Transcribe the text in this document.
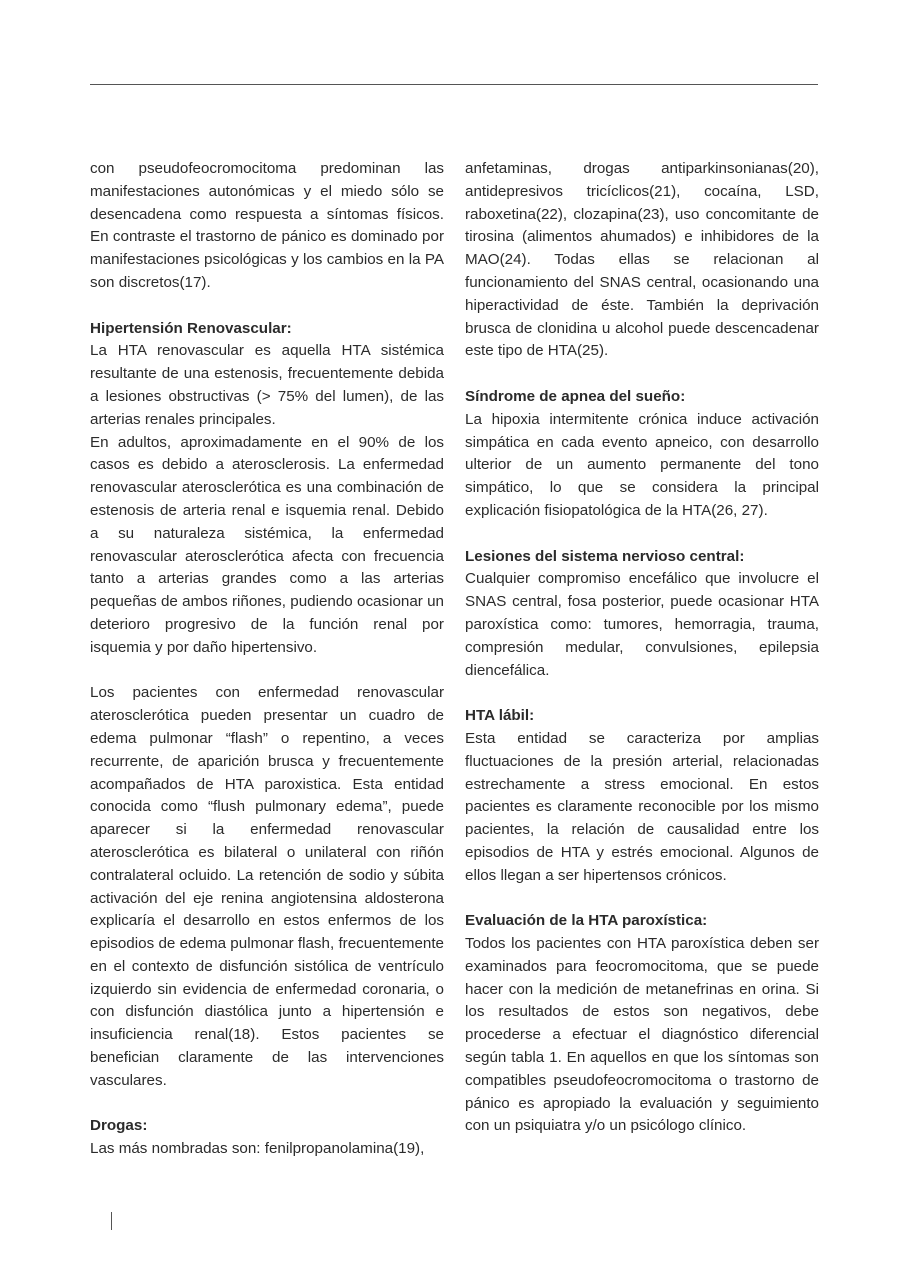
con pseudofeocromocitoma predominan las manifestaciones autonómicas y el miedo sólo se desencadena como respuesta a síntomas físicos. En contraste el trastorno de pánico es dominado por manifestaciones psicológicas y los cambios en la PA son discretos(17).

Hipertensión Renovascular:

La HTA renovascular es aquella HTA sistémica resultante de una estenosis, frecuentemente debida a lesiones obstructivas (> 75% del lumen), de las arterias renales principales.

En adultos, aproximadamente en el 90% de los casos es debido a aterosclerosis. La enfermedad renovascular aterosclerótica es una combinación de estenosis de arteria renal e isquemia renal. Debido a su naturaleza sistémica, la enfermedad renovascular aterosclerótica afecta con frecuencia tanto a arterias grandes como a las arterias pequeñas de ambos riñones, pudiendo ocasionar un deterioro progresivo de la función renal por isquemia y por daño hipertensivo.

Los pacientes con enfermedad renovascular aterosclerótica pueden presentar un cuadro de edema pulmonar “flash” o repentino, a veces recurrente, de aparición brusca y frecuentemente acompañados de HTA paroxistica. Esta entidad conocida como “flush pulmonary edema”, puede aparecer si la enfermedad renovascular aterosclerótica es bilateral o unilateral con riñón contralateral ocluido. La retención de sodio y súbita activación del eje renina angiotensina aldosterona explicaría el desarrollo en estos enfermos de los episodios de edema pulmonar flash, frecuentemente en el contexto de disfunción sistólica de ventrículo izquierdo sin evidencia de enfermedad coronaria, o con disfunción diastólica junto a hipertensión e insuficiencia renal(18). Estos pacientes se benefician claramente de las intervenciones vasculares.

Drogas:

Las más nombradas son: fenilpropanolamina(19),

anfetaminas, drogas antiparkinsonianas(20), antidepresivos tricíclicos(21), cocaína, LSD, raboxetina(22), clozapina(23), uso concomitante de tirosina (alimentos ahumados) e inhibidores de la MAO(24). Todas ellas se relacionan al funcionamiento del SNAS central, ocasionando una hiperactividad de éste. También la deprivación brusca de clonidina u alcohol puede descencadenar este tipo de HTA(25).

Síndrome de apnea del sueño:

La hipoxia intermitente crónica induce activación simpática en cada evento apneico, con desarrollo ulterior de un aumento permanente del tono simpático, lo que se considera la principal explicación fisiopatológica de la HTA(26, 27).

Lesiones del sistema nervioso central:

Cualquier compromiso encefálico que involucre el SNAS central, fosa posterior, puede ocasionar HTA paroxística como: tumores, hemorragia, trauma, compresión medular, convulsiones, epilepsia diencefálica.

HTA lábil:

Esta entidad se caracteriza por amplias fluctuaciones de la presión arterial, relacionadas estrechamente a stress emocional. En estos pacientes es claramente reconocible por los mismo pacientes, la relación de causalidad entre los episodios de HTA y estrés emocional. Algunos de ellos llegan a ser hipertensos crónicos.

Evaluación de la HTA paroxística:

Todos los pacientes con HTA paroxística deben ser examinados para feocromocitoma, que se puede hacer con la medición de metanefrinas en orina. Si los resultados de estos son negativos, debe procederse a efectuar el diagnóstico diferencial según tabla 1. En aquellos en que los síntomas son compatibles pseudofeocromocitoma o trastorno de pánico es apropiado la evaluación y seguimiento con un psiquiatra y/o un psicólogo clínico.
